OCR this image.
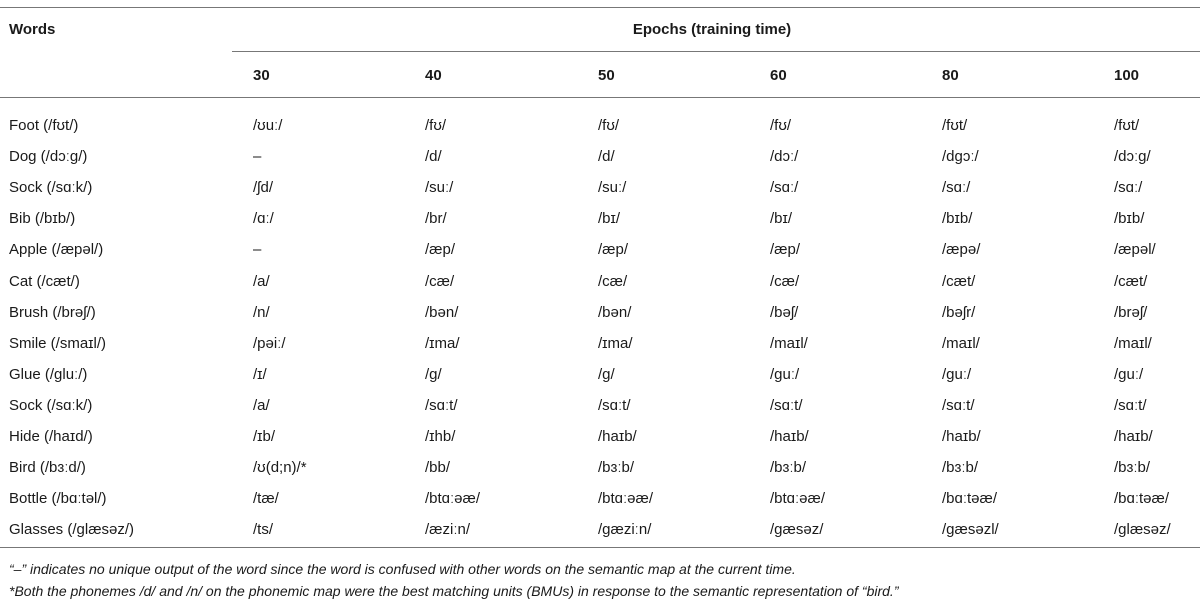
Words	Epochs (training time)
30	40	50	60	80	100
Foot (/fʊt/)	/ʊuː/	/fʊ/	/fʊ/	/fʊ/	/fʊt/	/fʊt/
Dog (/dɔːg/)	–	/d/	/d/	/dɔː/	/dgɔː/	/dɔːg/
Sock (/sɑːk/)	/ʃd/	/suː/	/suː/	/sɑː/	/sɑː/	/sɑː/
Bib (/bɪb/)	/ɑː/	/br/	/bɪ/	/bɪ/	/bɪb/	/bɪb/
Apple (/æpəl/)	–	/æp/	/æp/	/æp/	/æpə/	/æpəl/
Cat (/cæt/)	/a/	/cæ/	/cæ/	/cæ/	/cæt/	/cæt/
Brush (/brəʃ/)	/n/	/bən/	/bən/	/bəʃ/	/bəʃr/	/brəʃ/
Smile (/smaɪl/)	/pəiː/	/ɪma/	/ɪma/	/maɪl/	/maɪl/	/maɪl/
Glue (/gluː/)	/ɪ/	/g/	/g/	/guː/	/guː/	/guː/
Sock (/sɑːk/)	/a/	/sɑːt/	/sɑːt/	/sɑːt/	/sɑːt/	/sɑːt/
Hide (/haɪd/)	/ɪb/	/ɪhb/	/haɪb/	/haɪb/	/haɪb/	/haɪb/
Bird (/bɜːd/)	/ʊ(d;n)/*	/bb/	/bɜːb/	/bɜːb/	/bɜːb/	/bɜːb/
Bottle (/bɑːtəl/)	/tæ/	/btɑːəæ/	/btɑːəæ/	/btɑːəæ/	/bɑːtəæ/	/bɑːtəæ/
Glasses (/glæsəz/)	/ts/	/æziːn/	/gæziːn/	/gæsəz/	/gæsəzl/	/glæsəz/
“–” indicates no unique output of the word since the word is confused with other words on the semantic map at the current time.
*Both the phonemes /d/ and /n/ on the phonemic map were the best matching units (BMUs) in response to the semantic representation of “bird.”
